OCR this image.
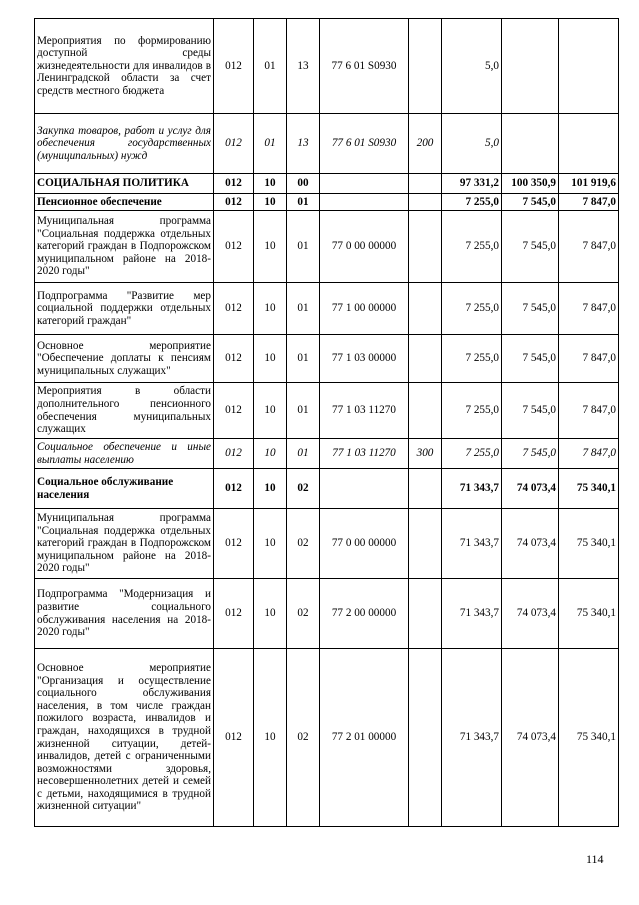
Мероприятия по формированию доступной среды жизнедеятельности для инвалидов в Ленинградской области за счет средств местного бюджета	012	01	13	77 6 01 S0930		5,0		
Закупка товаров, работ и услуг для обеспечения государственных (муниципальных) нужд	012	01	13	77 6 01 S0930	200	5,0		
СОЦИАЛЬНАЯ ПОЛИТИКА	012	10	00			97 331,2	100 350,9	101 919,6
Пенсионное обеспечение	012	10	01			7 255,0	7 545,0	7 847,0
Муниципальная программа "Социальная поддержка отдельных категорий граждан в Подпорожском муниципальном районе на 2018-2020 годы"	012	10	01	77 0 00 00000		7 255,0	7 545,0	7 847,0
Подпрограмма "Развитие мер социальной поддержки отдельных категорий граждан"	012	10	01	77 1 00 00000		7 255,0	7 545,0	7 847,0
Основное мероприятие "Обеспечение доплаты к пенсиям муниципальных служащих"	012	10	01	77 1 03 00000		7 255,0	7 545,0	7 847,0
Мероприятия в области дополнительного пенсионного обеспечения муниципальных служащих	012	10	01	77 1 03 11270		7 255,0	7 545,0	7 847,0
Социальное обеспечение и иные выплаты населению	012	10	01	77 1 03 11270	300	7 255,0	7 545,0	7 847,0
Социальное обслуживание населения	012	10	02			71 343,7	74 073,4	75 340,1
Муниципальная программа "Социальная поддержка отдельных категорий граждан в Подпорожском муниципальном районе на 2018-2020 годы"	012	10	02	77 0 00 00000		71 343,7	74 073,4	75 340,1
Подпрограмма "Модернизация и развитие социального обслуживания населения на 2018-2020 годы"	012	10	02	77 2 00 00000		71 343,7	74 073,4	75 340,1
Основное мероприятие "Организация и осуществление социального обслуживания населения, в том числе граждан пожилого возраста, инвалидов и граждан, находящихся в трудной жизненной ситуации, детей-инвалидов, детей с ограниченными возможностями здоровья, несовершеннолетних детей и семей с детьми, находящимися в трудной жизненной ситуации"	012	10	02	77 2 01 00000		71 343,7	74 073,4	75 340,1
114
